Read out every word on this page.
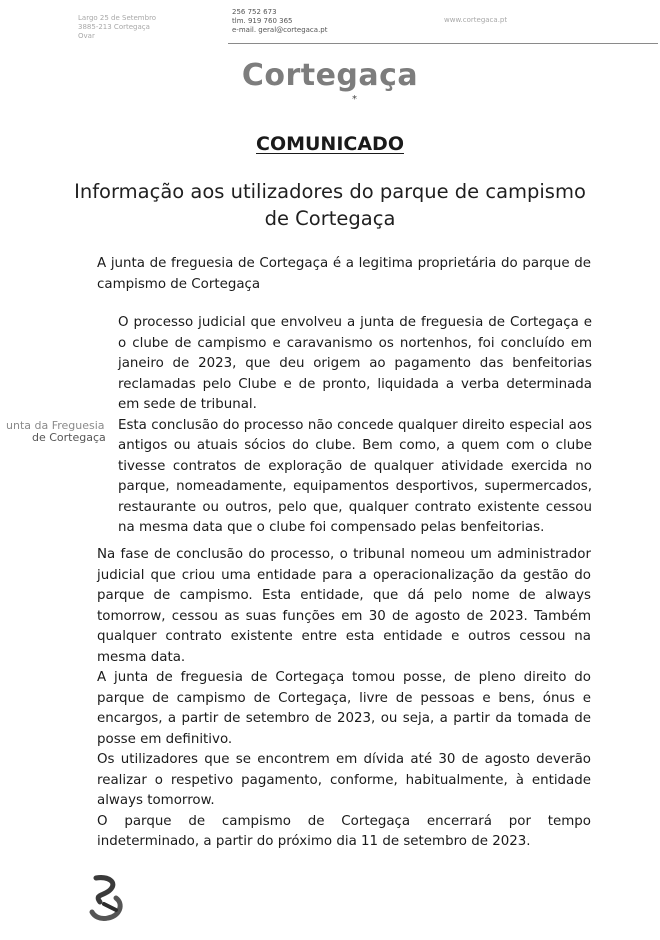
Largo 25 de Setembro
3885-213 Cortegaça
Ovar
256 752 673
tlm. 919 760 365
e-mail. geral@cortegaca.pt
www.cortegaca.pt
Cortegaça
*
COMUNICADO
Informação aos utilizadores do parque de campismo de Cortegaça

A junta de freguesia de Cortegaça é a legitima proprietária do parque de campismo de Cortegaça

O processo judicial que envolveu a junta de freguesia de Cortegaça e o clube de campismo e caravanismo os nortenhos, foi concluído em janeiro de 2023, que deu origem ao pagamento das benfeitorias reclamadas pelo Clube e de pronto, liquidada a verba determinada em sede de tribunal.

Esta conclusão do processo não concede qualquer direito especial aos antigos ou atuais sócios do clube. Bem como, a quem com o clube tivesse contratos de exploração de qualquer atividade exercida no parque, nomeadamente, equipamentos desportivos, supermercados, restaurante ou outros, pelo que, qualquer contrato existente cessou na mesma data que o clube foi compensado pelas benfeitorias.

unta da Freguesia
de Cortegaça

Na fase de conclusão do processo, o tribunal nomeou um administrador judicial que criou uma entidade para a operacionalização da gestão do parque de campismo. Esta entidade, que dá pelo nome de always tomorrow, cessou as suas funções em 30 de agosto de 2023. Também qualquer contrato existente entre esta entidade e outros cessou na mesma data.

A junta de freguesia de Cortegaça tomou posse, de pleno direito do parque de campismo de Cortegaça, livre de pessoas e bens, ónus e encargos, a partir de setembro de 2023, ou seja, a partir da tomada de posse em definitivo.

Os utilizadores que se encontrem em dívida até 30 de agosto deverão realizar o respetivo pagamento, conforme, habitualmente, à entidade always tomorrow.

O parque de campismo de Cortegaça encerrará por tempo indeterminado, a partir do próximo dia 11 de setembro de 2023.
